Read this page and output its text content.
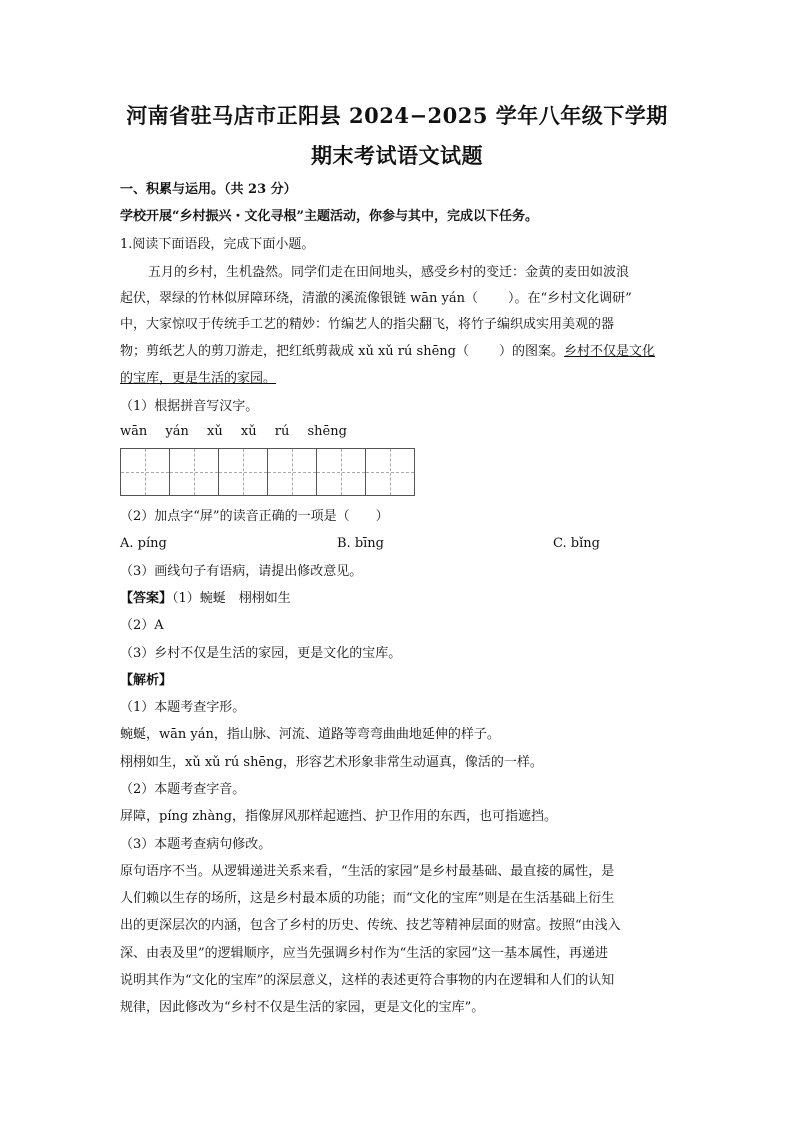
河南省驻马店市正阳县 2024−2025 学年八年级下学期
期末考试语文试题
一、积累与运用。（共 23 分）
学校开展“乡村振兴・文化寻根”主题活动，你参与其中，完成以下任务。
1.阅读下面语段，完成下面小题。
五月的乡村，生机盎然。同学们走在田间地头，感受乡村的变迁：金黄的麦田如波浪
起伏，翠绿的竹林似屏障环绕，清澈的溪流像银链 wān yán（ ）。在“乡村文化调研”
中，大家惊叹于传统手工艺的精妙：竹编艺人的指尖翻飞，将竹子编织成实用美观的器
物；剪纸艺人的剪刀游走，把红纸剪裁成 xǔ xǔ rú shēng（ ）的图案。乡村不仅是文化
的宝库，更是生活的家园。
（1）根据拼音写汉字。
wān yán xǔ xǔ rú shēng
（2）加点字“屏”的读音正确的一项是（　　）
A. píng	B. bīng	C. bǐng
（3）画线句子有语病，请提出修改意见。
【答案】（1）蜿蜒　栩栩如生
（2）A
（3）乡村不仅是生活的家园，更是文化的宝库。
【解析】
（1）本题考查字形。
蜿蜒，wān yán，指山脉、河流、道路等弯弯曲曲地延伸的样子。
栩栩如生，xǔ xǔ rú shēng，形容艺术形象非常生动逼真，像活的一样。
（2）本题考查字音。
屏障，píng zhàng，指像屏风那样起遮挡、护卫作用的东西，也可指遮挡。
（3）本题考查病句修改。
原句语序不当。从逻辑递进关系来看，“生活的家园”是乡村最基础、最直接的属性，是
人们赖以生存的场所，这是乡村最本质的功能；而“文化的宝库”则是在生活基础上衍生
出的更深层次的内涵，包含了乡村的历史、传统、技艺等精神层面的财富。按照“由浅入
深、由表及里”的逻辑顺序，应当先强调乡村作为“生活的家园”这一基本属性，再递进
说明其作为“文化的宝库”的深层意义，这样的表述更符合事物的内在逻辑和人们的认知
规律，因此修改为“乡村不仅是生活的家园，更是文化的宝库”。
